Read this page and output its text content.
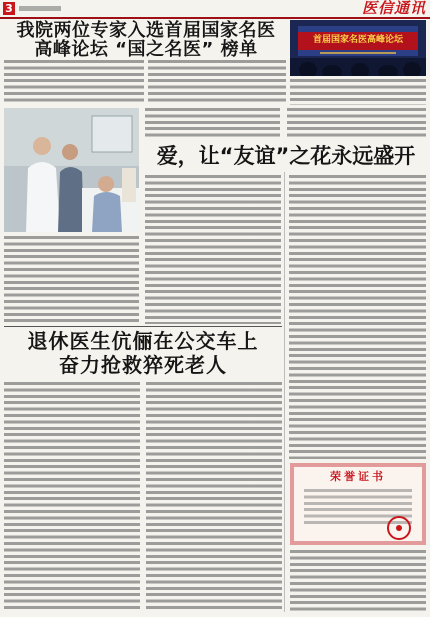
3	医信通讯
我院两位专家入选首届国家名医
高峰论坛 “国之名医” 榜单	首届国家名医高峰论坛
爱，让“友谊”之花永远盛开
退休医生伉俪在公交车上
奋力抢救猝死老人
荣誉证书
